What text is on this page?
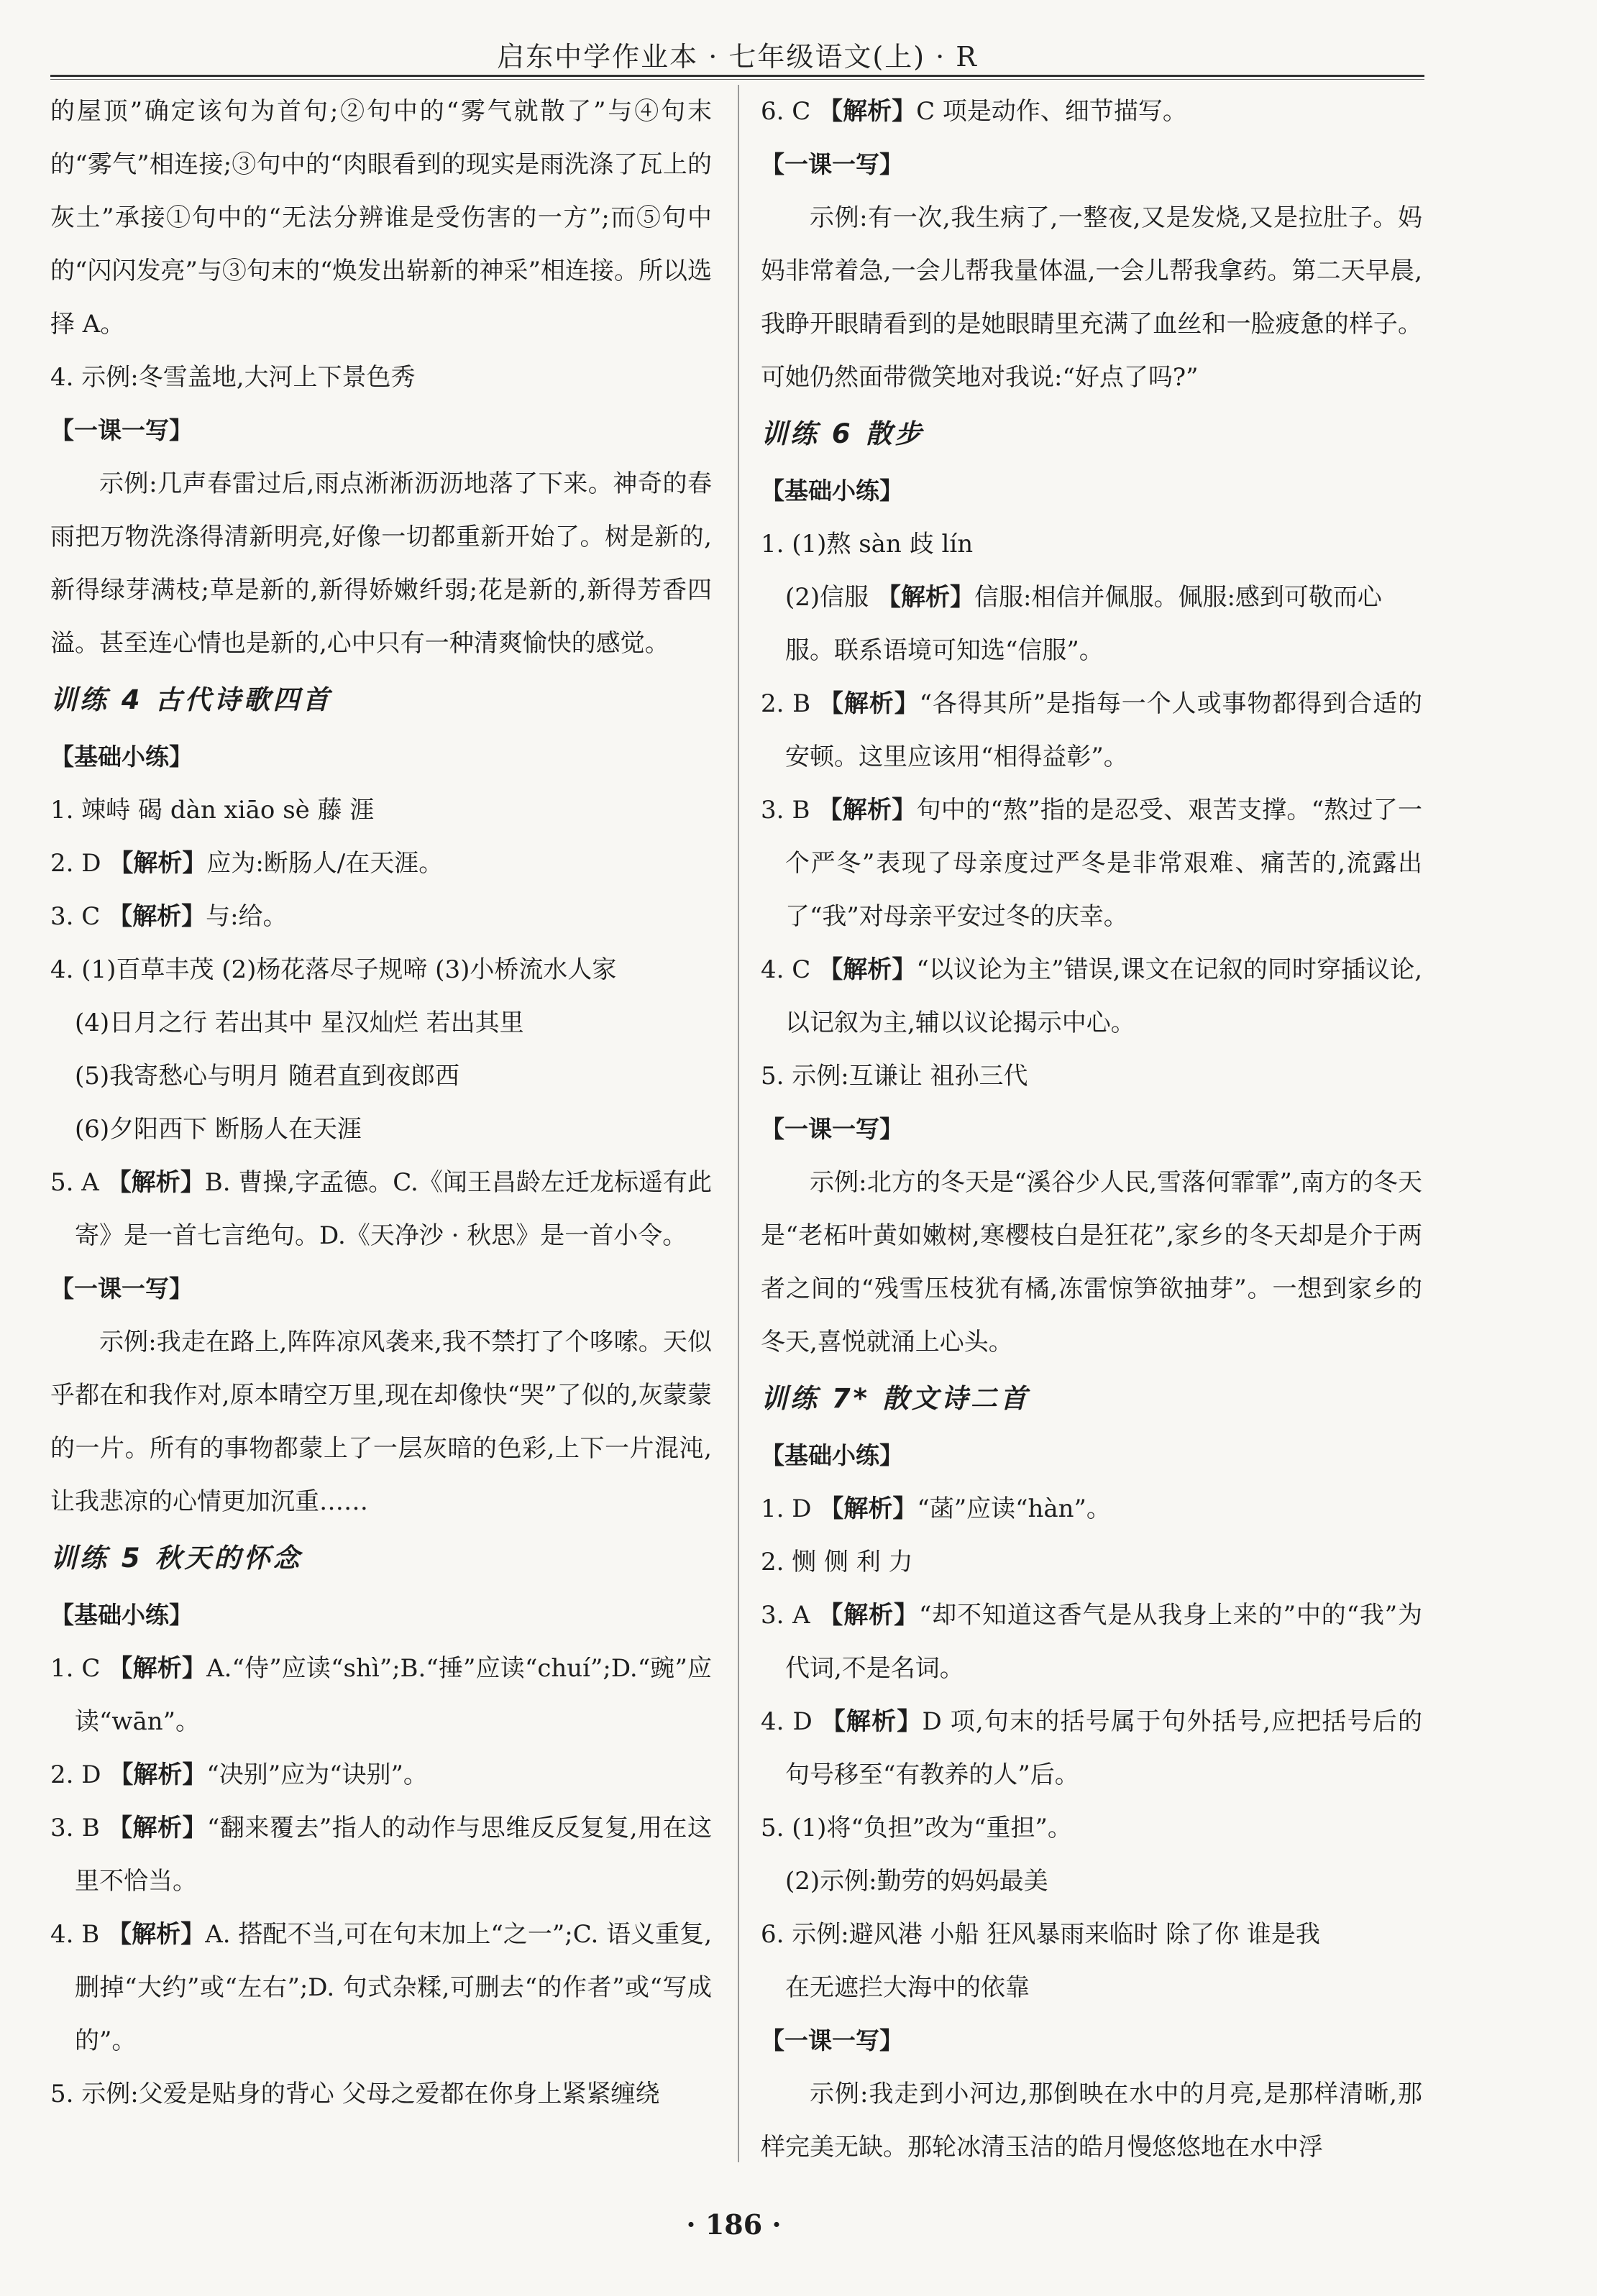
启东中学作业本 · 七年级语文(上) · R

的屋顶”确定该句为首句;②句中的“雾气就散了”与④句末的“雾气”相连接;③句中的“肉眼看到的现实是雨洗涤了瓦上的灰土”承接①句中的“无法分辨谁是受伤害的一方”;而⑤句中的“闪闪发亮”与③句末的“焕发出崭新的神采”相连接。所以选择 A。

4. 示例:冬雪盖地,大河上下景色秀

【一课一写】

示例:几声春雷过后,雨点淅淅沥沥地落了下来。神奇的春雨把万物洗涤得清新明亮,好像一切都重新开始了。树是新的,新得绿芽满枝;草是新的,新得娇嫩纤弱;花是新的,新得芳香四溢。甚至连心情也是新的,心中只有一种清爽愉快的感觉。

训练 4 古代诗歌四首

【基础小练】

1. 竦峙 碣 dàn xiāo sè 藤 涯

2. D 【解析】应为:断肠人/在天涯。

3. C 【解析】与:给。

4. (1)百草丰茂 (2)杨花落尽子规啼 (3)小桥流水人家

(4)日月之行 若出其中 星汉灿烂 若出其里

(5)我寄愁心与明月 随君直到夜郎西

(6)夕阳西下 断肠人在天涯

5. A 【解析】B. 曹操,字孟德。C.《闻王昌龄左迁龙标遥有此寄》是一首七言绝句。D.《天净沙 · 秋思》是一首小令。

【一课一写】

示例:我走在路上,阵阵凉风袭来,我不禁打了个哆嗦。天似乎都在和我作对,原本晴空万里,现在却像快“哭”了似的,灰蒙蒙的一片。所有的事物都蒙上了一层灰暗的色彩,上下一片混沌,让我悲凉的心情更加沉重……

训练 5 秋天的怀念

【基础小练】

1. C 【解析】A.“侍”应读“shì”;B.“捶”应读“chuí”;D.“豌”应读“wān”。

2. D 【解析】“决别”应为“诀别”。

3. B 【解析】“翻来覆去”指人的动作与思维反反复复,用在这里不恰当。

4. B 【解析】A. 搭配不当,可在句末加上“之一”;C. 语义重复,删掉“大约”或“左右”;D. 句式杂糅,可删去“的作者”或“写成的”。

5. 示例:父爱是贴身的背心 父母之爱都在你身上紧紧缠绕

6. C 【解析】C 项是动作、细节描写。

【一课一写】

示例:有一次,我生病了,一整夜,又是发烧,又是拉肚子。妈妈非常着急,一会儿帮我量体温,一会儿帮我拿药。第二天早晨,我睁开眼睛看到的是她眼睛里充满了血丝和一脸疲惫的样子。可她仍然面带微笑地对我说:“好点了吗?”

训练 6 散步

【基础小练】

1. (1)熬 sàn 歧 lín

(2)信服 【解析】信服:相信并佩服。佩服:感到可敬而心服。联系语境可知选“信服”。

2. B 【解析】“各得其所”是指每一个人或事物都得到合适的安顿。这里应该用“相得益彰”。

3. B 【解析】句中的“熬”指的是忍受、艰苦支撑。“熬过了一个严冬”表现了母亲度过严冬是非常艰难、痛苦的,流露出了“我”对母亲平安过冬的庆幸。

4. C 【解析】“以议论为主”错误,课文在记叙的同时穿插议论,以记叙为主,辅以议论揭示中心。

5. 示例:互谦让 祖孙三代

【一课一写】

示例:北方的冬天是“溪谷少人民,雪落何霏霏”,南方的冬天是“老柘叶黄如嫩树,寒樱枝白是狂花”,家乡的冬天却是介于两者之间的“残雪压枝犹有橘,冻雷惊笋欲抽芽”。一想到家乡的冬天,喜悦就涌上心头。

训练 7* 散文诗二首

【基础小练】

1. D 【解析】“菡”应读“hàn”。

2. 恻 侧 利 力

3. A 【解析】“却不知道这香气是从我身上来的”中的“我”为代词,不是名词。

4. D 【解析】D 项,句末的括号属于句外括号,应把括号后的句号移至“有教养的人”后。

5. (1)将“负担”改为“重担”。

(2)示例:勤劳的妈妈最美

6. 示例:避风港 小船 狂风暴雨来临时 除了你 谁是我

在无遮拦大海中的依靠

【一课一写】

示例:我走到小河边,那倒映在水中的月亮,是那样清晰,那样完美无缺。那轮冰清玉洁的皓月慢悠悠地在水中浮

· 186 ·
